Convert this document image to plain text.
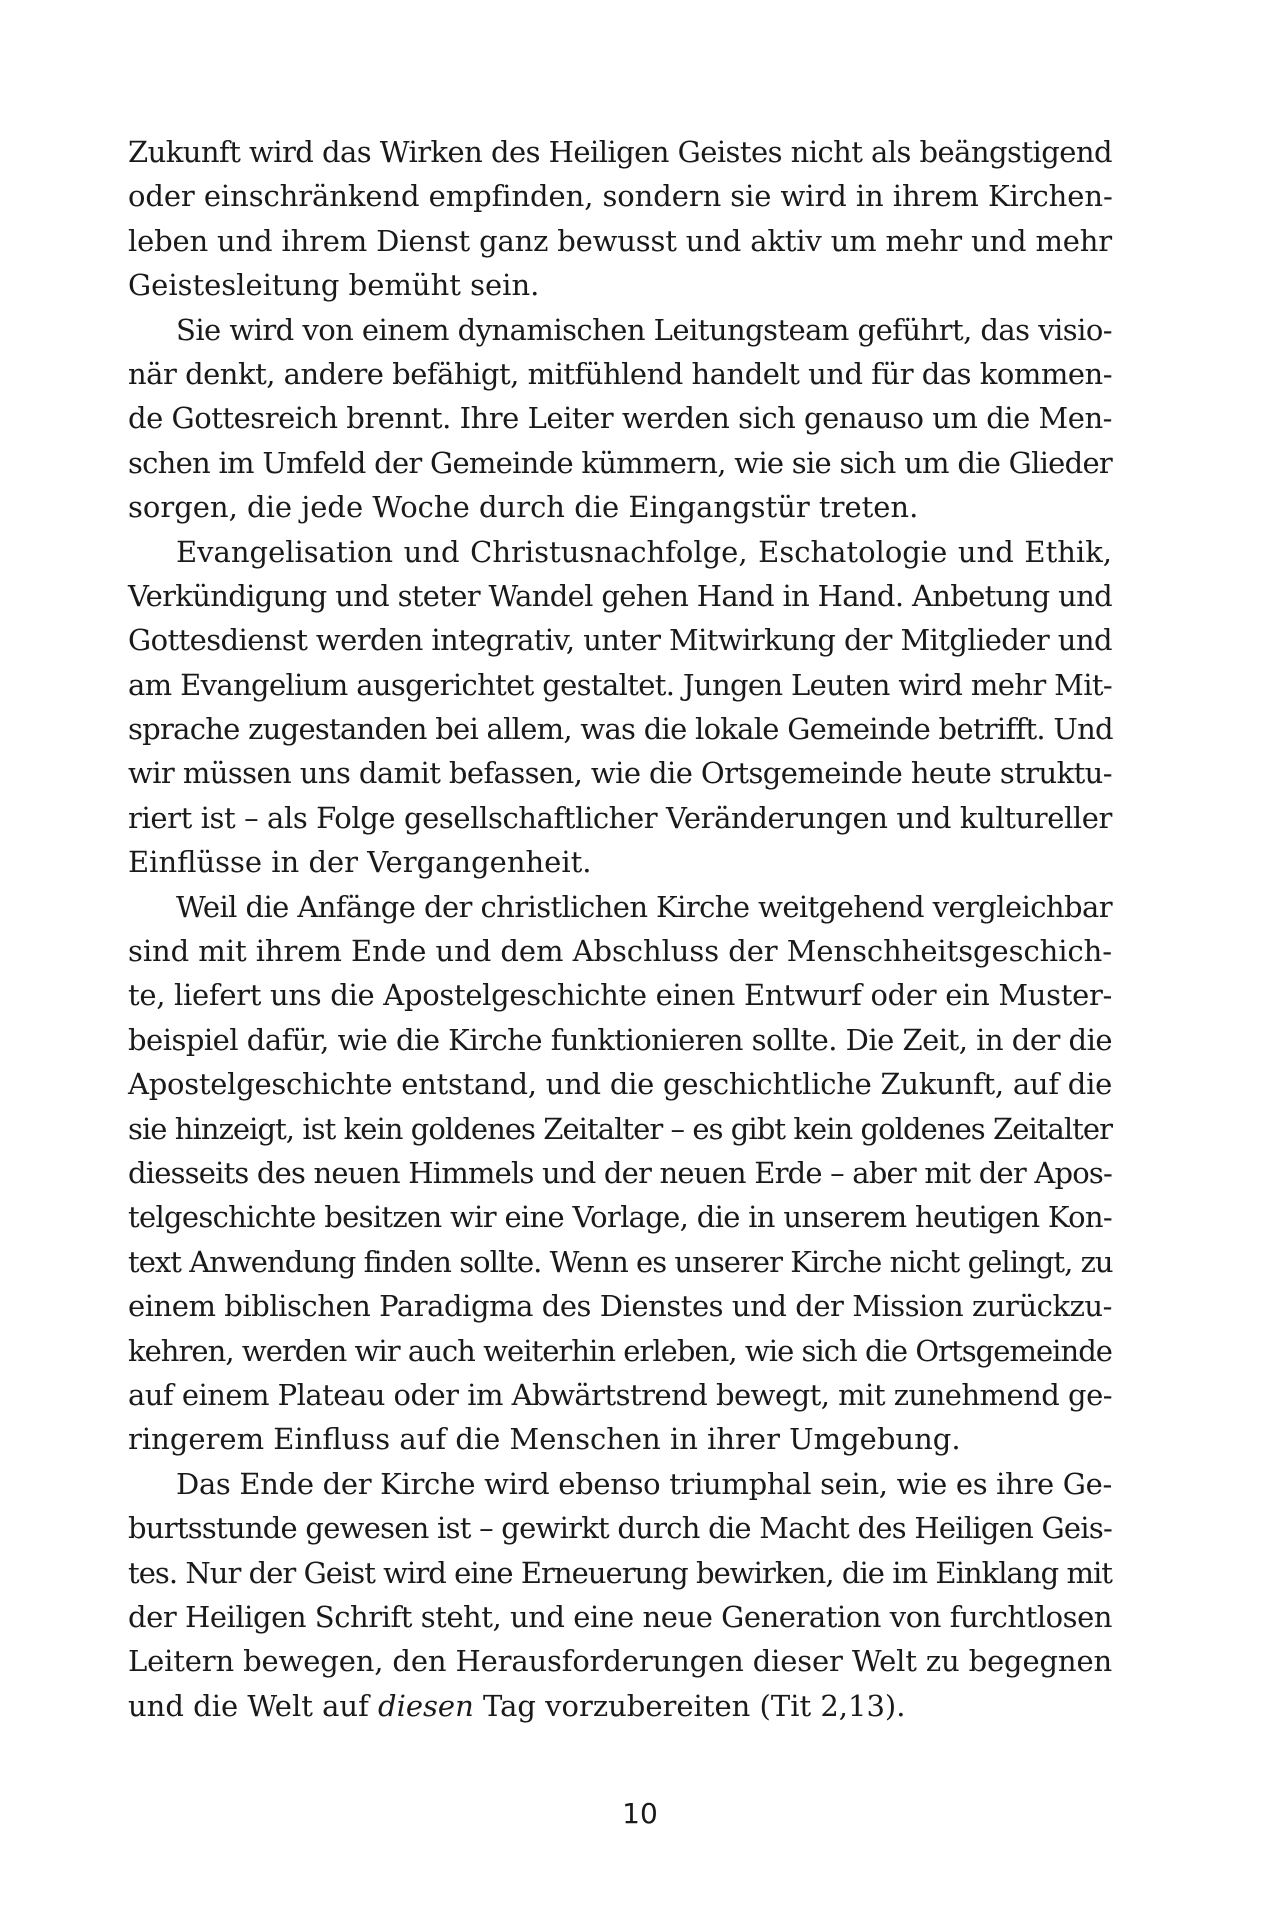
Zukunft wird das Wirken des Heiligen Geistes nicht als beängstigend
oder einschränkend empfinden, sondern sie wird in ihrem Kirchen-
leben und ihrem Dienst ganz bewusst und aktiv um mehr und mehr
Geistesleitung bemüht sein.
Sie wird von einem dynamischen Leitungsteam geführt, das visio-
när denkt, andere befähigt, mitfühlend handelt und für das kommen-
de Gottesreich brennt. Ihre Leiter werden sich genauso um die Men-
schen im Umfeld der Gemeinde kümmern, wie sie sich um die Glieder
sorgen, die jede Woche durch die Eingangstür treten.
Evangelisation und Christusnachfolge, Eschatologie und Ethik,
Verkündigung und steter Wandel gehen Hand in Hand. Anbetung und
Gottesdienst werden integrativ, unter Mitwirkung der Mitglieder und
am Evangelium ausgerichtet gestaltet. Jungen Leuten wird mehr Mit-
sprache zugestanden bei allem, was die lokale Gemeinde betrifft. Und
wir müssen uns damit befassen, wie die Ortsgemeinde heute struktu-
riert ist – als Folge gesellschaftlicher Veränderungen und kultureller
Einflüsse in der Vergangenheit.
Weil die Anfänge der christlichen Kirche weitgehend vergleichbar
sind mit ihrem Ende und dem Abschluss der Menschheitsgeschich-
te, liefert uns die Apostelgeschichte einen Entwurf oder ein Muster-
beispiel dafür, wie die Kirche funktionieren sollte. Die Zeit, in der die
Apostelgeschichte entstand, und die geschichtliche Zukunft, auf die
sie hinzeigt, ist kein goldenes Zeitalter – es gibt kein goldenes Zeitalter
diesseits des neuen Himmels und der neuen Erde – aber mit der Apos-
telgeschichte besitzen wir eine Vorlage, die in unserem heutigen Kon-
text Anwendung finden sollte. Wenn es unserer Kirche nicht gelingt, zu
einem biblischen Paradigma des Dienstes und der Mission zurückzu-
kehren, werden wir auch weiterhin erleben, wie sich die Ortsgemeinde
auf einem Plateau oder im Abwärtstrend bewegt, mit zunehmend ge-
ringerem Einfluss auf die Menschen in ihrer Umgebung.
Das Ende der Kirche wird ebenso triumphal sein, wie es ihre Ge-
burtsstunde gewesen ist – gewirkt durch die Macht des Heiligen Geis-
tes. Nur der Geist wird eine Erneuerung bewirken, die im Einklang mit
der Heiligen Schrift steht, und eine neue Generation von furchtlosen
Leitern bewegen, den Herausforderungen dieser Welt zu begegnen
und die Welt auf diesen Tag vorzubereiten (Tit 2,13).
10
